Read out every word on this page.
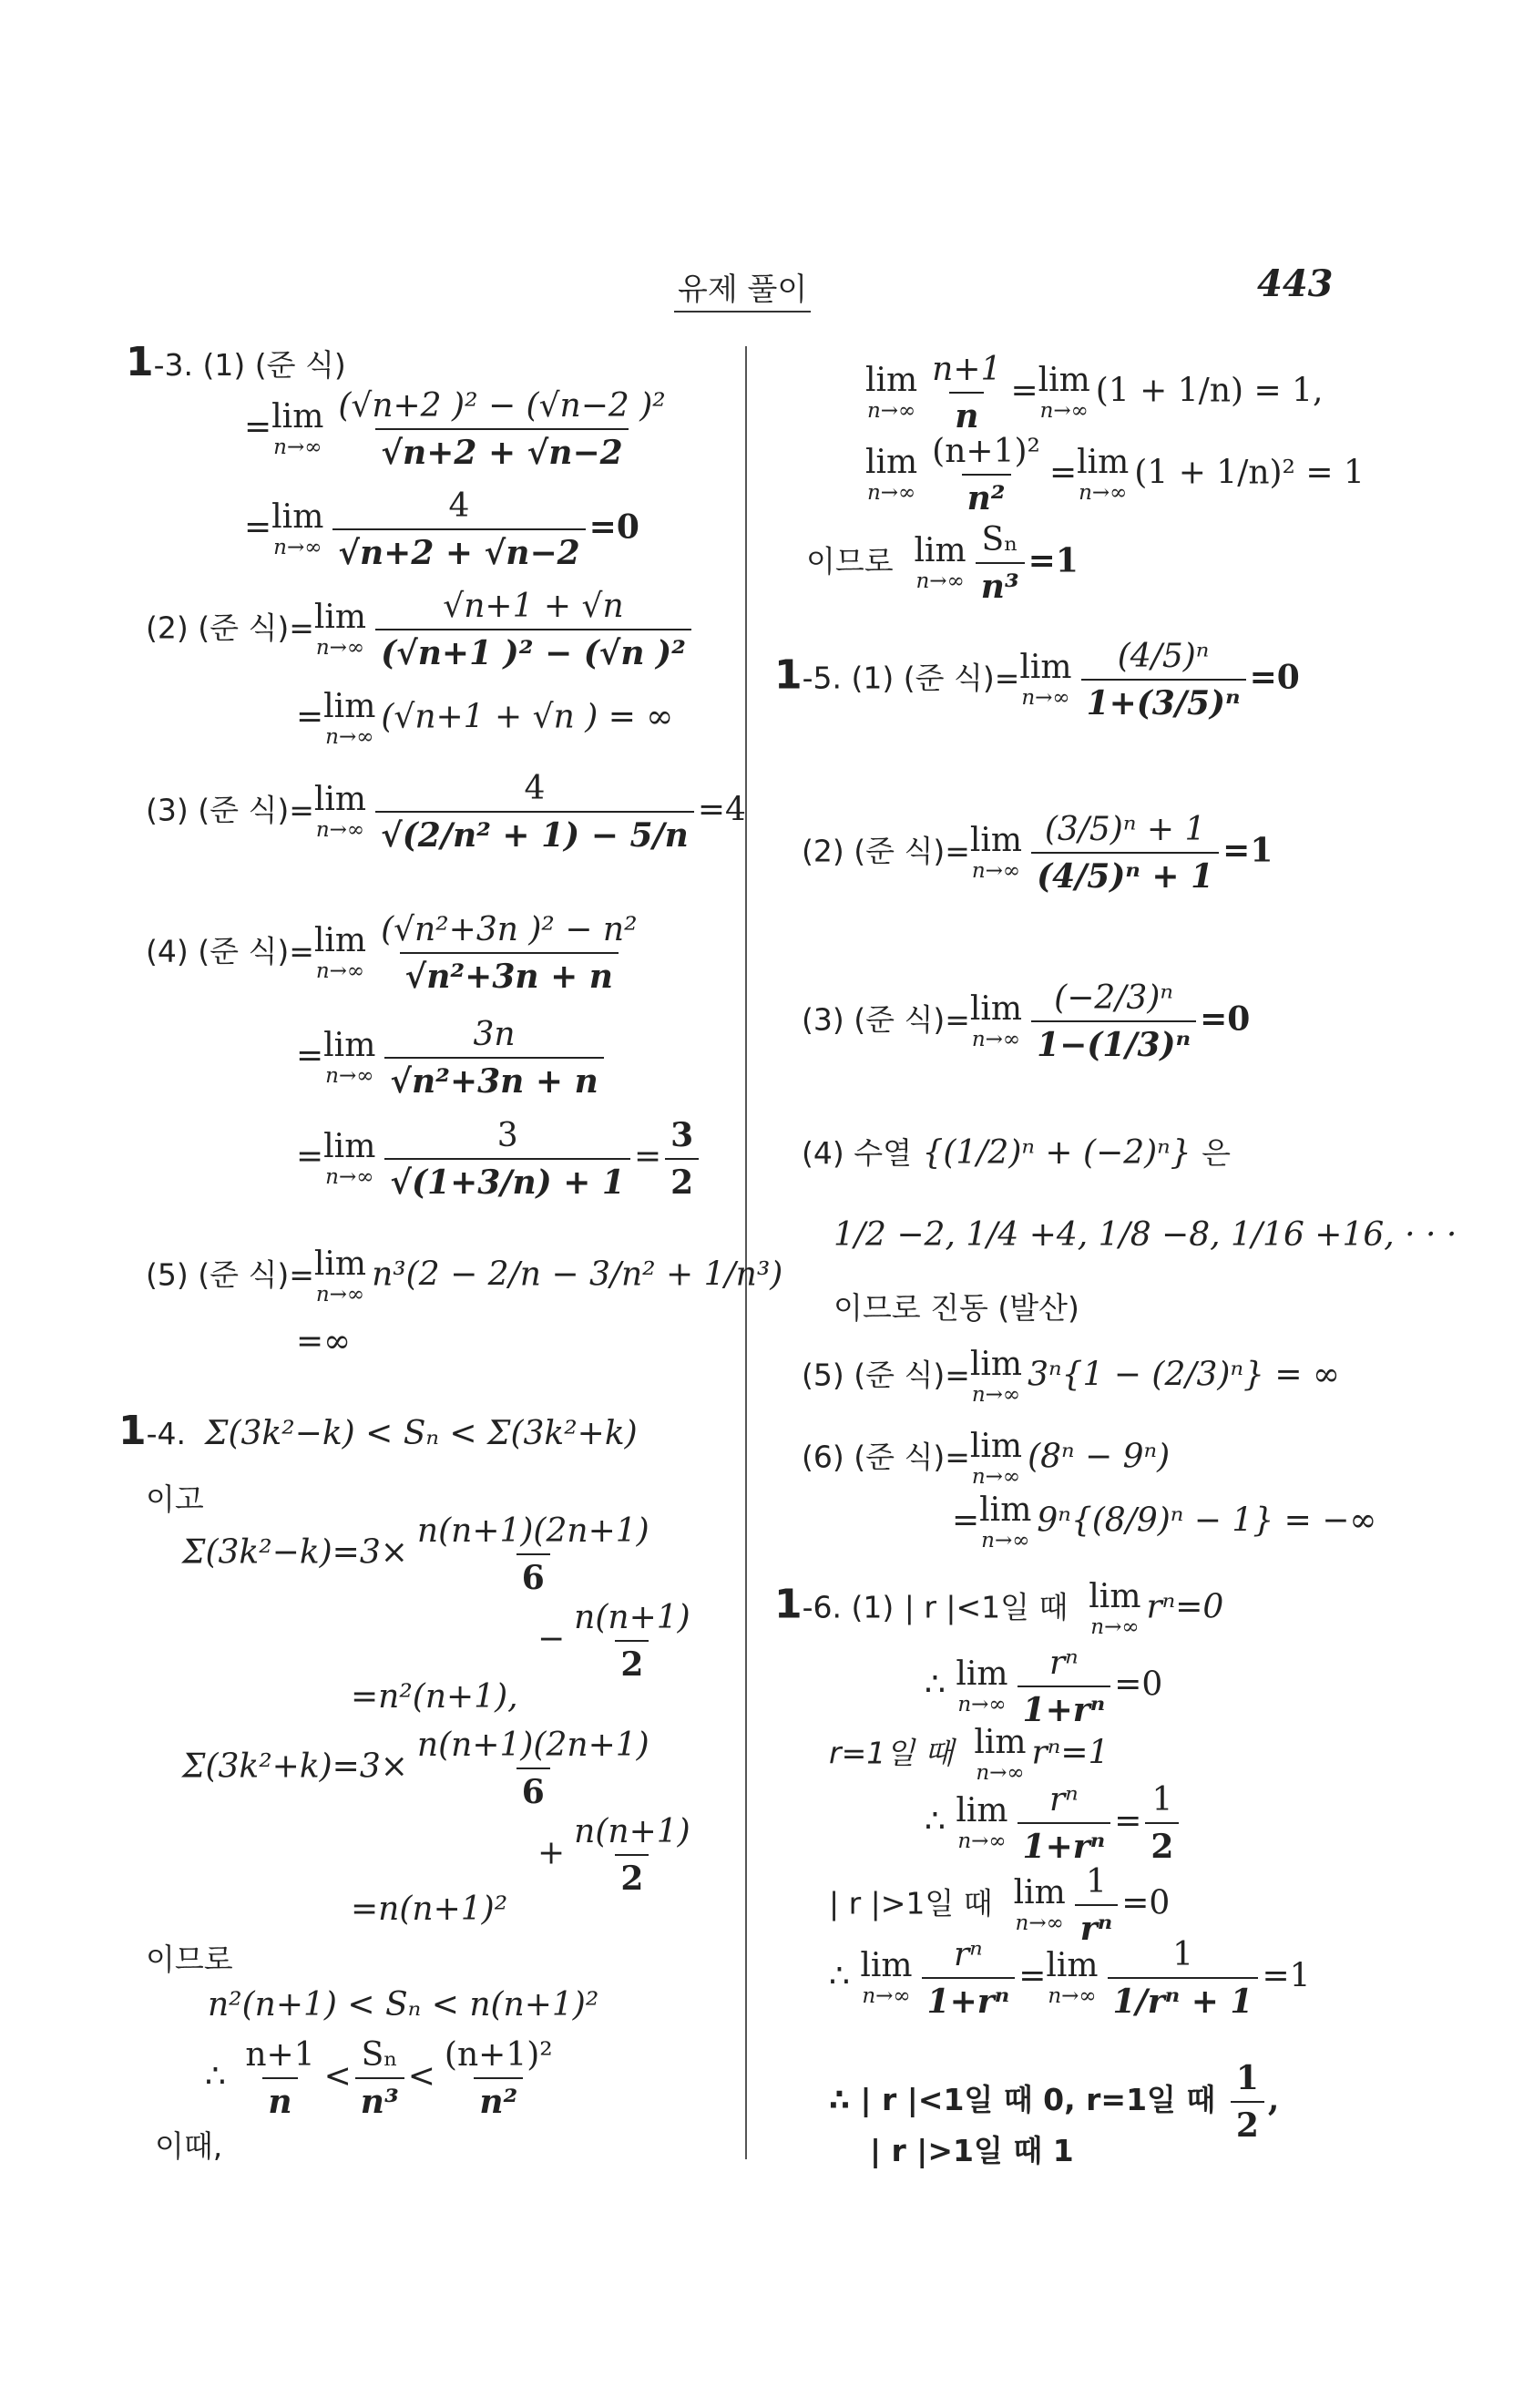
유제 풀이	443
1-3. (1) (준 식)
= lim
$n\to\infty \frac{\text{(√n+2 )² − (√n−2 )²}}{√n+2 + √n-2}$
= lim
$n\to\infty \frac{4}{√n+2 + √n-2} =0$
(2) (준 식)= lim
$n\to\infty \frac{√n+1 + √n}{\text{(√n+1 )² − (√n )²}}$
= lim
n→∞
(√n+1 + √n ) = ∞
(3) (준 식)= lim
$n\to\infty \frac{4}{\text{√(2/n² + 1) − 5/n}} =4$
(4) (준 식)= lim
$n\to\infty \frac{\text{(√n²+3n )² − n²}}{\text{√n²+3n + n}}$
= lim
$n\to\infty \frac{3n}{\text{√n²+3n + n}}$
= lim
$n\to\infty \frac{3}{√(1+3/n) + 1} = \frac{3}{2}$
(5) (준 식)= lim
n→∞
n³(2 − 2/n − 3/n² + 1/n³)
=∞
1-4. Σ(3k²−k) < Sₙ < Σ(3k²+k)
이고
$\Sigma(3k^2-k)=3\times \frac{n(n+1)(2n+1)}{6}$
− $\frac{n(n+1)}{2}$
=n²(n+1),
$\Sigma(3k^2+k)=3\times \frac{n(n+1)(2n+1)}{6}$
+ $\frac{n(n+1)}{2}$
=n(n+1)²
이므로
n²(n+1) < Sₙ < n(n+1)²
∴ $\frac{n+1}{n} < \frac{\text{Sₙ}}{\text{n³}} < \frac{\text{(n+1)²}}{\text{n²}}$
이때,
lim
$n\to\infty \frac{n+1}{n} = \lim$
n→∞
(1 + 1/n) = 1,
lim
$n\to\infty \frac{\text{(n+1)²}}{\text{n²}} = \lim$
n→∞
(1 + 1/n)² = 1
이므로 lim
$n\to\infty \frac{\text{Sₙ}}{\text{n³}} =1$
1-5. (1) (준 식)= lim
$n\to\infty \frac{\text{(4/5)ⁿ}}{\text{1+(3/5)ⁿ}} =0$
(2) (준 식)= lim
$n\to\infty \frac{\text{(3/5)ⁿ + 1}}{\text{(4/5)ⁿ + 1}} =1$
(3) (준 식)= lim
$n\to\infty \frac{\text{(−2/3)ⁿ}}{\text{1−(1/3)ⁿ}} =0$
(4) 수열 {(1/2)ⁿ + (−2)ⁿ} 은
1/2 −2, 1/4 +4, 1/8 −8, 1/16 +16, · · ·
이므로 진동 (발산)
(5) (준 식)= lim
n→∞
3ⁿ{1 − (2/3)ⁿ} = ∞
(6) (준 식)= lim
n→∞
(8ⁿ − 9ⁿ)
= lim
n→∞
9ⁿ{(8/9)ⁿ − 1} = −∞
1-6. (1) | r |<1일 때 lim
n→∞
rⁿ=0
∴ lim
$n\to\infty \frac{\text{rⁿ}}{\text{1+rⁿ}} =0$
r=1일 때 lim
n→∞
rⁿ=1
∴ lim
$n\to\infty \frac{\text{rⁿ}}{\text{1+rⁿ}} = \frac{1}{2}$
| r |>1일 때 lim
$n\to\infty \frac{1}{\text{rⁿ}} =0$
∴ lim
$n\to\infty \frac{\text{rⁿ}}{\text{1+rⁿ}} = \lim$
$n\to\infty \frac{1}{\text{1/rⁿ + 1}} =1$
∴ | r |<1일 때 0, r=1일 때 $\frac{1}{2}$ ,
| r |>1일 때 1
